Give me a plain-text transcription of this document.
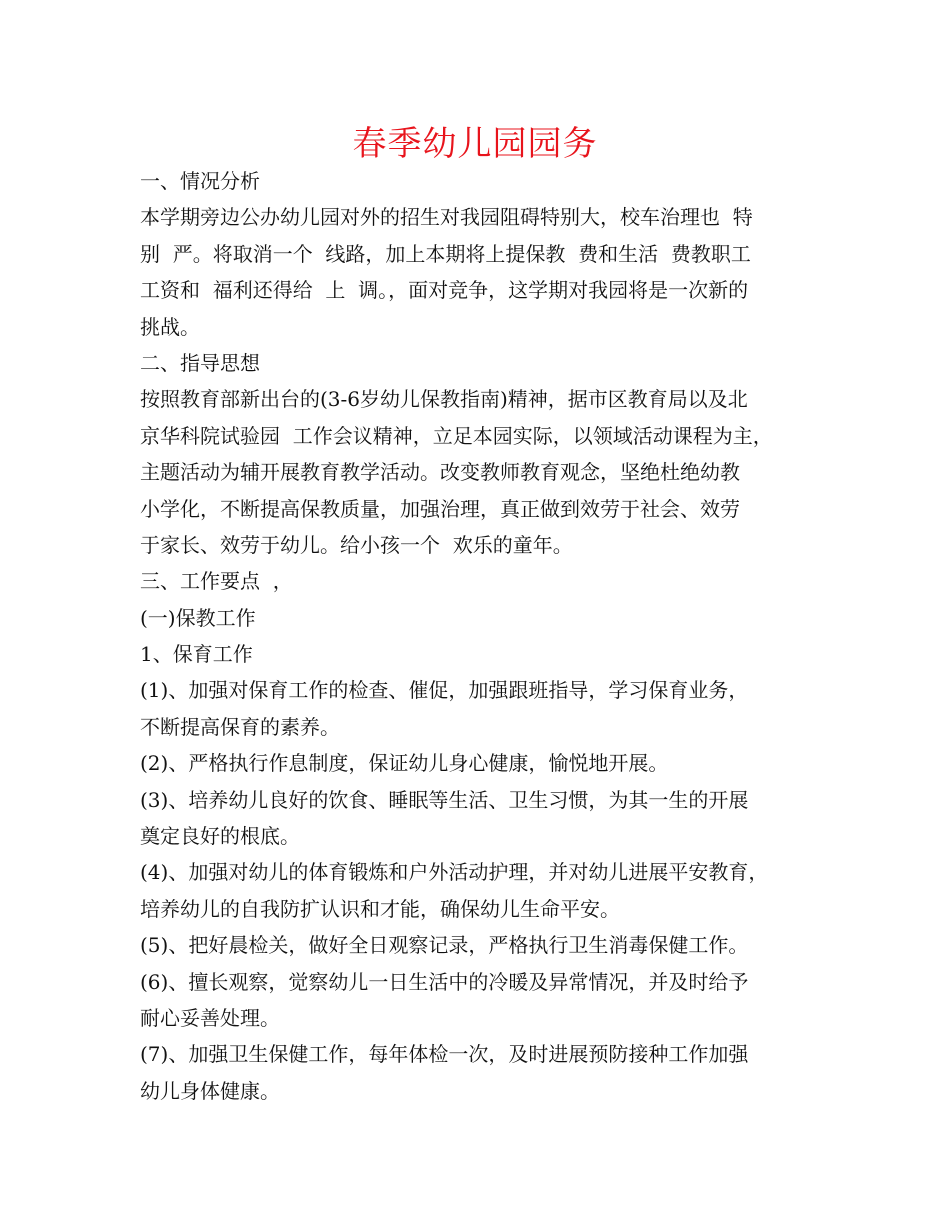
春季幼儿园园务
一、情况分析
本学期旁边公办幼儿园对外的招生对我园阻碍特别大，校车治理也  特
别  严。将取消一个  线路，加上本期将上提保教  费和生活  费教职工
工资和  福利还得给  上  调。，面对竞争，这学期对我园将是一次新的
挑战。
二、指导思想
按照教育部新出台的(3-6岁幼儿保教指南)精神，据市区教育局以及北
京华科院试验园  工作会议精神，立足本园实际，以领域活动课程为主，
主题活动为辅开展教育教学活动。改变教师教育观念，坚绝杜绝幼教
小学化，不断提高保教质量，加强治理，真正做到效劳于社会、效劳
于家长、效劳于幼儿。给小孩一个  欢乐的童年。
三、工作要点  ，
(一)保教工作
1、保育工作
(1)、加强对保育工作的检查、催促，加强跟班指导，学习保育业务，
不断提高保育的素养。
(2)、严格执行作息制度，保证幼儿身心健康，愉悦地开展。
(3)、培养幼儿良好的饮食、睡眠等生活、卫生习惯，为其一生的开展
奠定良好的根底。
(4)、加强对幼儿的体育锻炼和户外活动护理，并对幼儿进展平安教育，
培养幼儿的自我防扩认识和才能，确保幼儿生命平安。
(5)、把好晨检关，做好全日观察记录，严格执行卫生消毒保健工作。
(6)、擅长观察，觉察幼儿一日生活中的冷暖及异常情况，并及时给予
耐心妥善处理。
(7)、加强卫生保健工作，每年体检一次，及时进展预防接种工作加强
幼儿身体健康。
